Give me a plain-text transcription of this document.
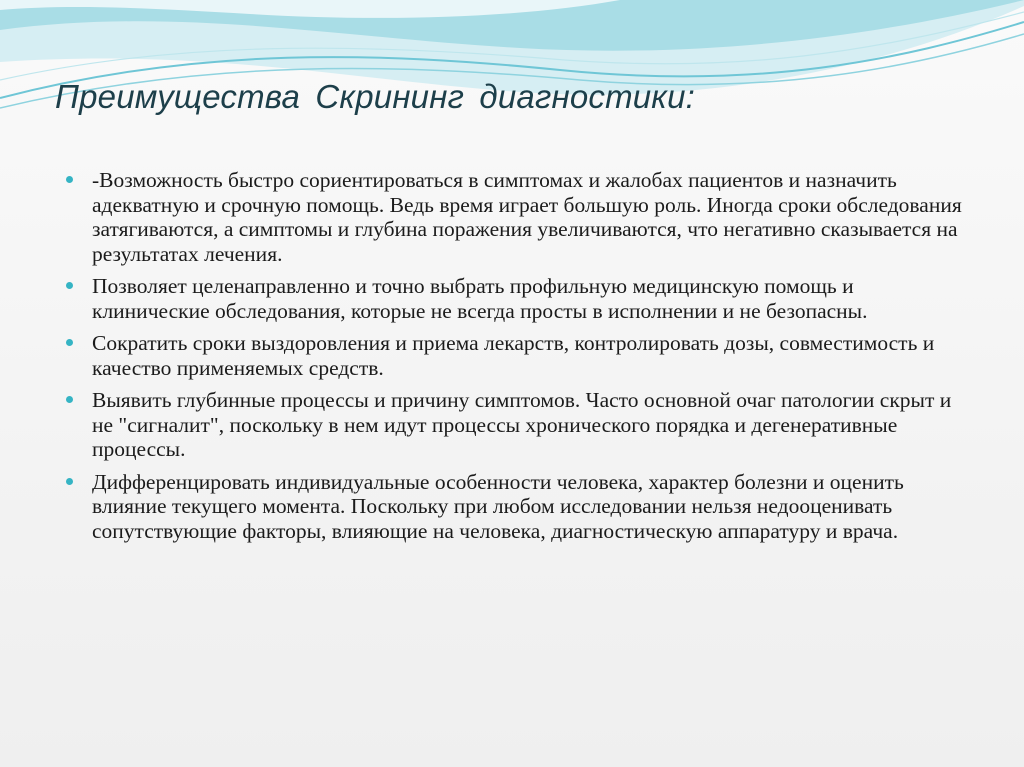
Преимущества Скрининг диагностики:
-Возможность быстро сориентироваться в симптомах и жалобах пациентов и назначить адекватную и срочную помощь. Ведь время играет большую роль. Иногда сроки обследования затягиваются, а симптомы и глубина поражения увеличиваются, что негативно сказывается на результатах лечения.
Позволяет целенаправленно и точно выбрать профильную медицинскую помощь и клинические обследования, которые не всегда просты в исполнении и не безопасны.
Сократить сроки выздоровления и приема лекарств, контролировать дозы, совместимость и качество применяемых средств.
Выявить глубинные процессы и причину симптомов. Часто основной очаг патологии скрыт и не "сигналит", поскольку в нем идут процессы хронического порядка и дегенеративные процессы.
Дифференцировать индивидуальные особенности человека, характер болезни и оценить влияние текущего момента. Поскольку при любом исследовании нельзя недооценивать сопутствующие факторы, влияющие на человека, диагностическую аппаратуру и врача.
